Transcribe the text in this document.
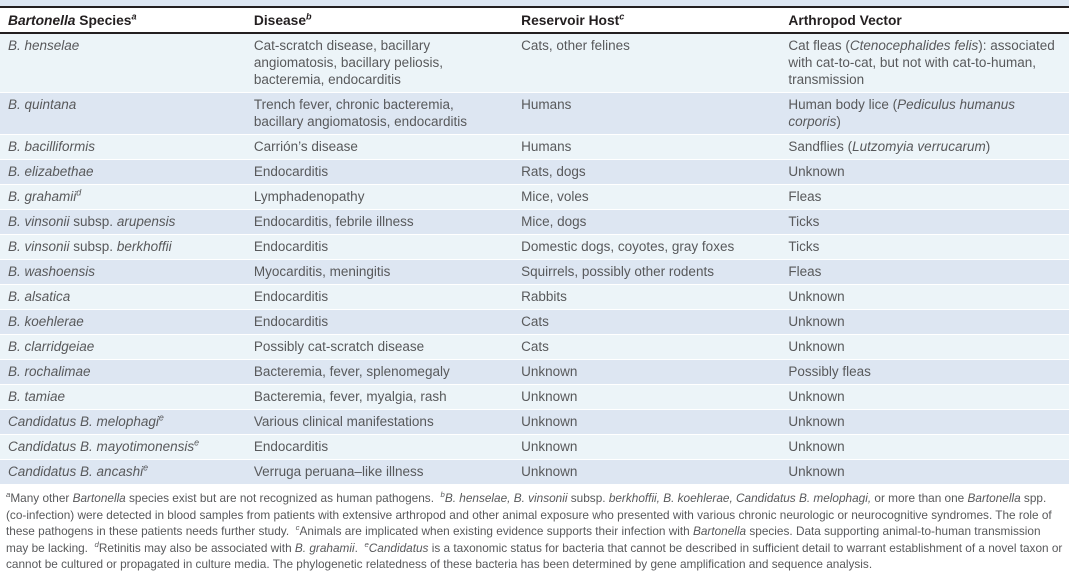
Bartonella Species$^a$	Disease$^b$	Reservoir Host$^c$	Arthropod Vector
B. henselae	Cat-scratch disease, bacillary angiomatosis, bacillary peliosis, bacteremia, endocarditis	Cats, other felines	Cat fleas (Ctenocephalides felis): associated with cat-to-cat, but not with cat-to-human, transmission
B. quintana	Trench fever, chronic bacteremia, bacillary angiomatosis, endocarditis	Humans	Human body lice (Pediculus humanus corporis)
B. bacilliformis	Carrión’s disease	Humans	Sandflies (Lutzomyia verrucarum)
B. elizabethae	Endocarditis	Rats, dogs	Unknown
B. grahamii$^d$	Lymphadenopathy	Mice, voles	Fleas
B. vinsonii subsp. arupensis	Endocarditis, febrile illness	Mice, dogs	Ticks
B. vinsonii subsp. berkhoffii	Endocarditis	Domestic dogs, coyotes, gray foxes	Ticks
B. washoensis	Myocarditis, meningitis	Squirrels, possibly other rodents	Fleas
B. alsatica	Endocarditis	Rabbits	Unknown
B. koehlerae	Endocarditis	Cats	Unknown
B. clarridgeiae	Possibly cat-scratch disease	Cats	Unknown
B. rochalimae	Bacteremia, fever, splenomegaly	Unknown	Possibly fleas
B. tamiae	Bacteremia, fever, myalgia, rash	Unknown	Unknown
Candidatus B. melophagi$^e$	Various clinical manifestations	Unknown	Unknown
Candidatus B. mayotimonensis$^e$	Endocarditis	Unknown	Unknown
Candidatus B. ancashi$^e$	Verruga peruana–like illness	Unknown	Unknown
$^a$Many other Bartonella species exist but are not recognized as human pathogens.  $^b$B. henselae, B. vinsonii subsp. berkhoffii, B. koehlerae, Candidatus B. melophagi, or more than one Bartonella spp. (co-infection) were detected in blood samples from patients with extensive arthropod and other animal exposure who presented with various chronic neurologic or neurocognitive syndromes. The role of these pathogens in these patients needs further study.  $^c$Animals are implicated when existing evidence supports their infection with Bartonella species. Data supporting animal-to-human transmission may be lacking.  $^d$Retinitis may also be associated with B. grahamii.  $^e$Candidatus is a taxonomic status for bacteria that cannot be described in sufficient detail to warrant establishment of a novel taxon or cannot be cultured or propagated in culture media. The phylogenetic relatedness of these bacteria has been determined by gene amplification and sequence analysis.
